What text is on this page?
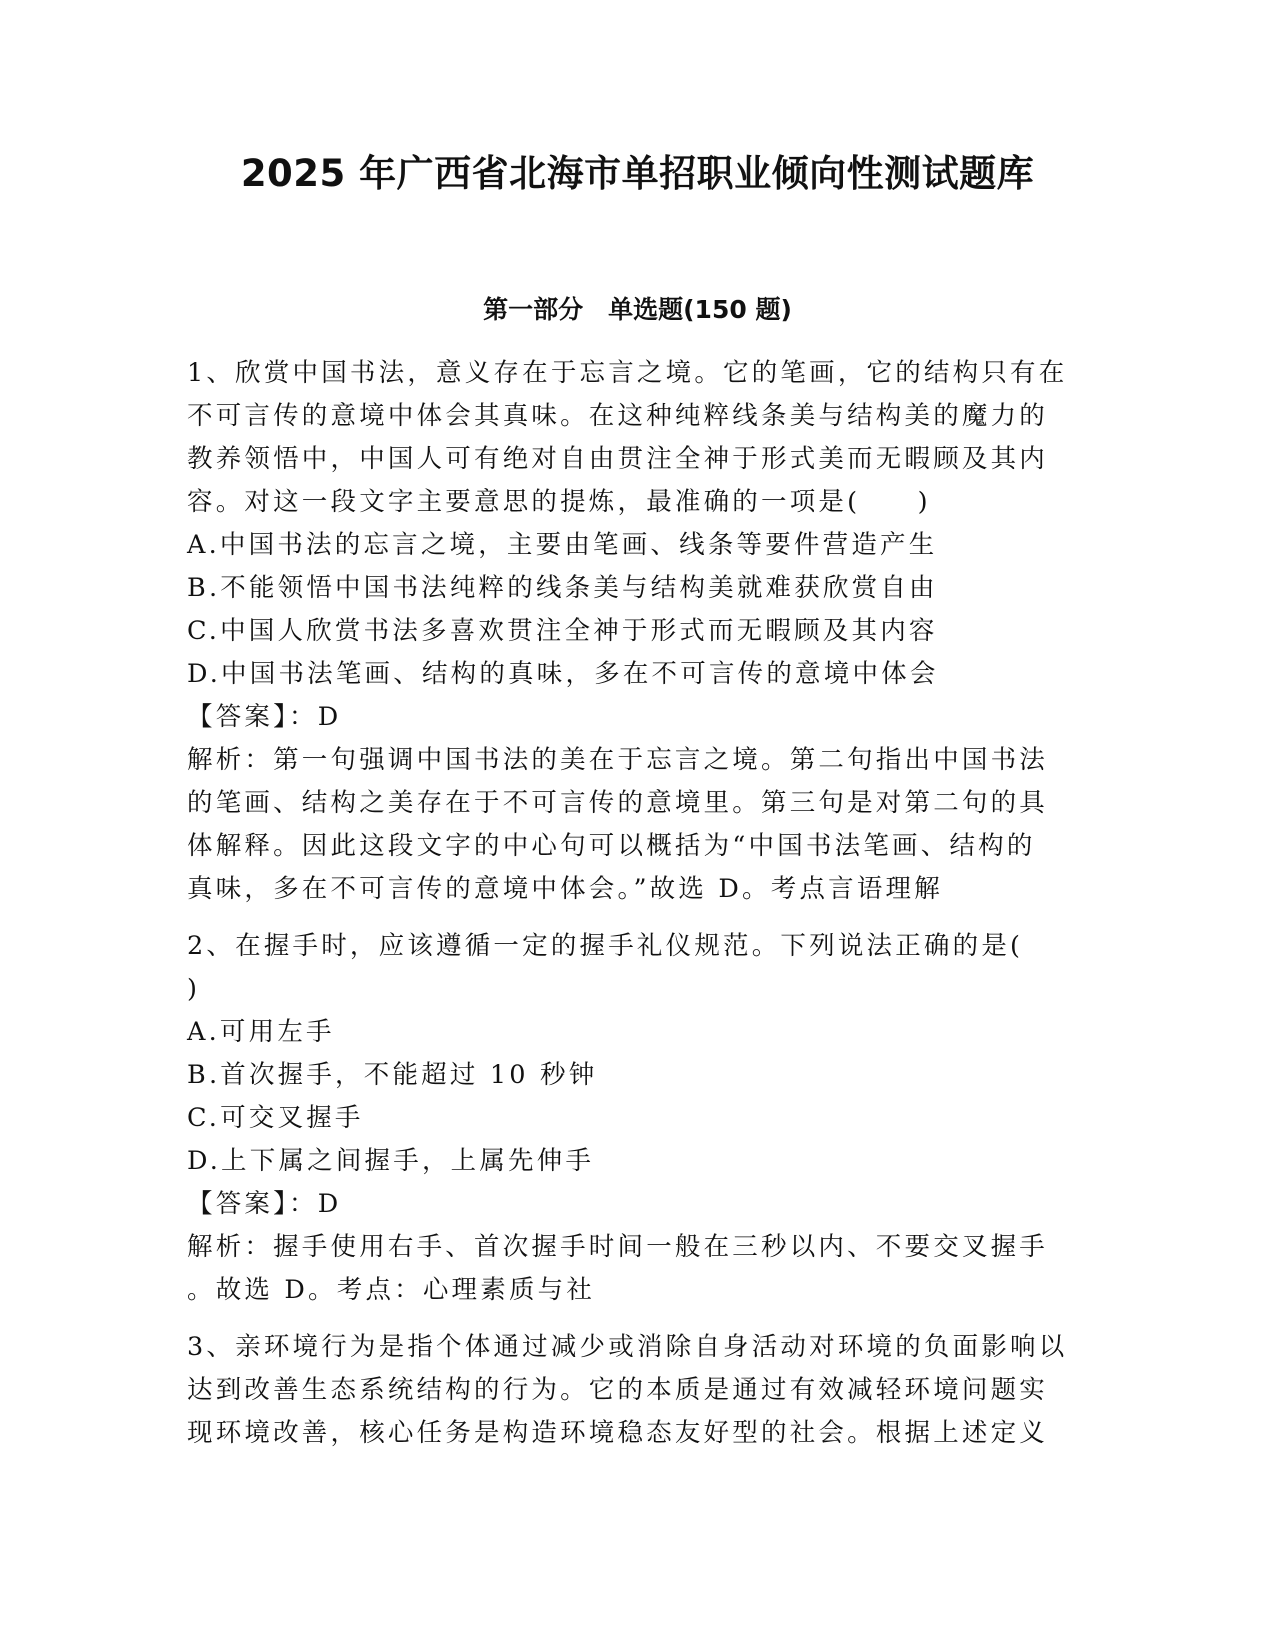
2025 年广西省北海市单招职业倾向性测试题库
第一部分　单选题(150 题)
1、欣赏中国书法，意义存在于忘言之境。它的笔画，它的结构只有在
不可言传的意境中体会其真味。在这种纯粹线条美与结构美的魔力的
教养领悟中，中国人可有绝对自由贯注全神于形式美而无暇顾及其内
容。对这一段文字主要意思的提炼，最准确的一项是(　　)
A.中国书法的忘言之境，主要由笔画、线条等要件营造产生
B.不能领悟中国书法纯粹的线条美与结构美就难获欣赏自由
C.中国人欣赏书法多喜欢贯注全神于形式而无暇顾及其内容
D.中国书法笔画、结构的真味，多在不可言传的意境中体会
【答案】：D
解析：第一句强调中国书法的美在于忘言之境。第二句指出中国书法
的笔画、结构之美存在于不可言传的意境里。第三句是对第二句的具
体解释。因此这段文字的中心句可以概括为“中国书法笔画、结构的
真味，多在不可言传的意境中体会。”故选 D。考点言语理解
2、在握手时，应该遵循一定的握手礼仪规范。下列说法正确的是(
)
A.可用左手
B.首次握手，不能超过 10 秒钟
C.可交叉握手
D.上下属之间握手，上属先伸手
【答案】：D
解析：握手使用右手、首次握手时间一般在三秒以内、不要交叉握手
。故选 D。考点：心理素质与社
3、亲环境行为是指个体通过减少或消除自身活动对环境的负面影响以
达到改善生态系统结构的行为。它的本质是通过有效减轻环境问题实
现环境改善，核心任务是构造环境稳态友好型的社会。根据上述定义
